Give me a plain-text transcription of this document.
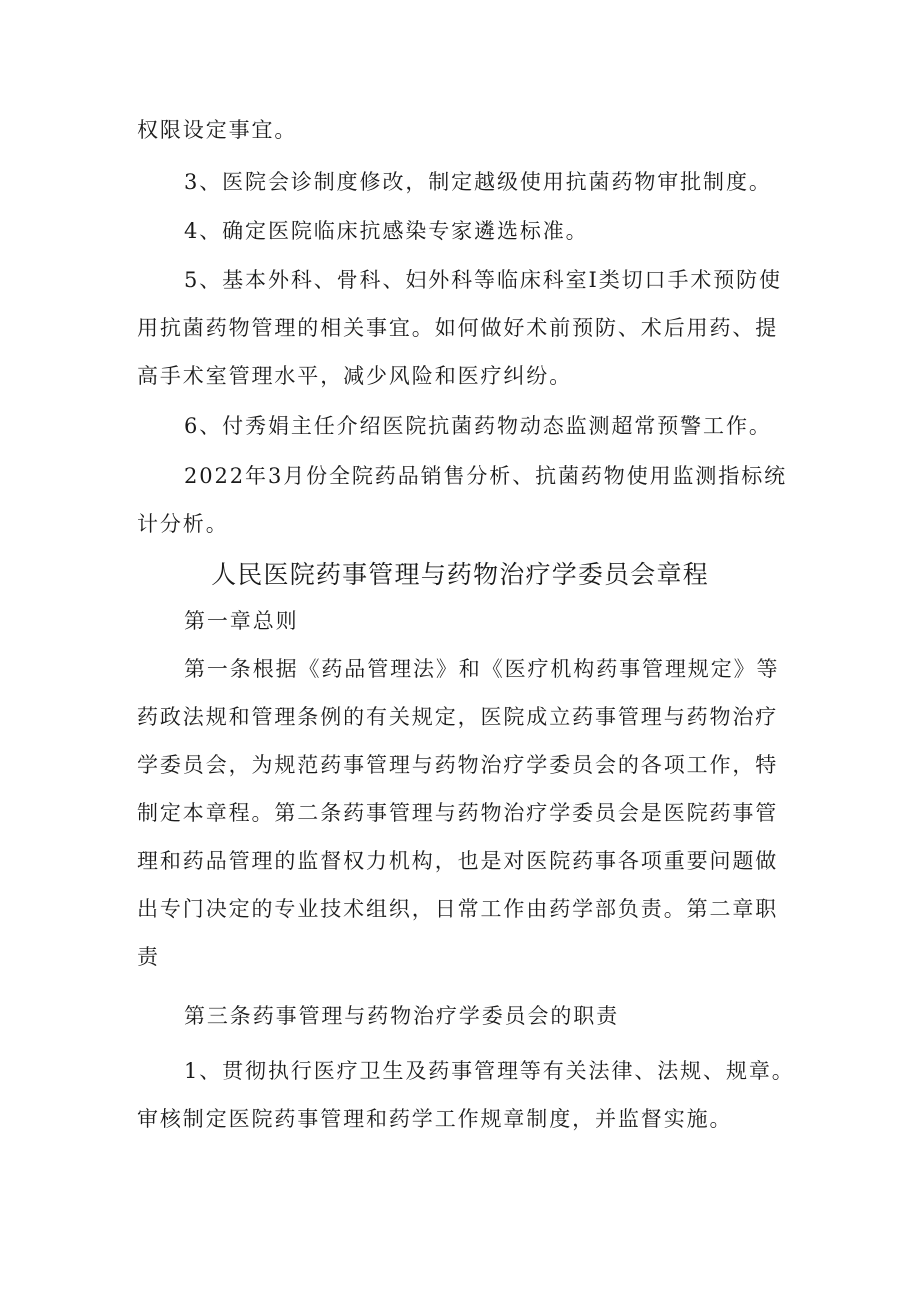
权限设定事宜。

3、医院会诊制度修改，制定越级使用抗菌药物审批制度。

4、确定医院临床抗感染专家遴选标准。

5、基本外科、骨科、妇外科等临床科室Ⅰ类切口手术预防使用抗菌药物管理的相关事宜。如何做好术前预防、术后用药、提高手术室管理水平，减少风险和医疗纠纷。

6、付秀娟主任介绍医院抗菌药物动态监测超常预警工作。

2022年3月份全院药品销售分析、抗菌药物使用监测指标统计分析。

人民医院药事管理与药物治疗学委员会章程

第一章总则

第一条根据《药品管理法》和《医疗机构药事管理规定》等药政法规和管理条例的有关规定，医院成立药事管理与药物治疗学委员会，为规范药事管理与药物治疗学委员会的各项工作，特制定本章程。第二条药事管理与药物治疗学委员会是医院药事管理和药品管理的监督权力机构，也是对医院药事各项重要问题做出专门决定的专业技术组织，日常工作由药学部负责。第二章职责

第三条药事管理与药物治疗学委员会的职责

1、贯彻执行医疗卫生及药事管理等有关法律、法规、规章。审核制定医院药事管理和药学工作规章制度，并监督实施。
